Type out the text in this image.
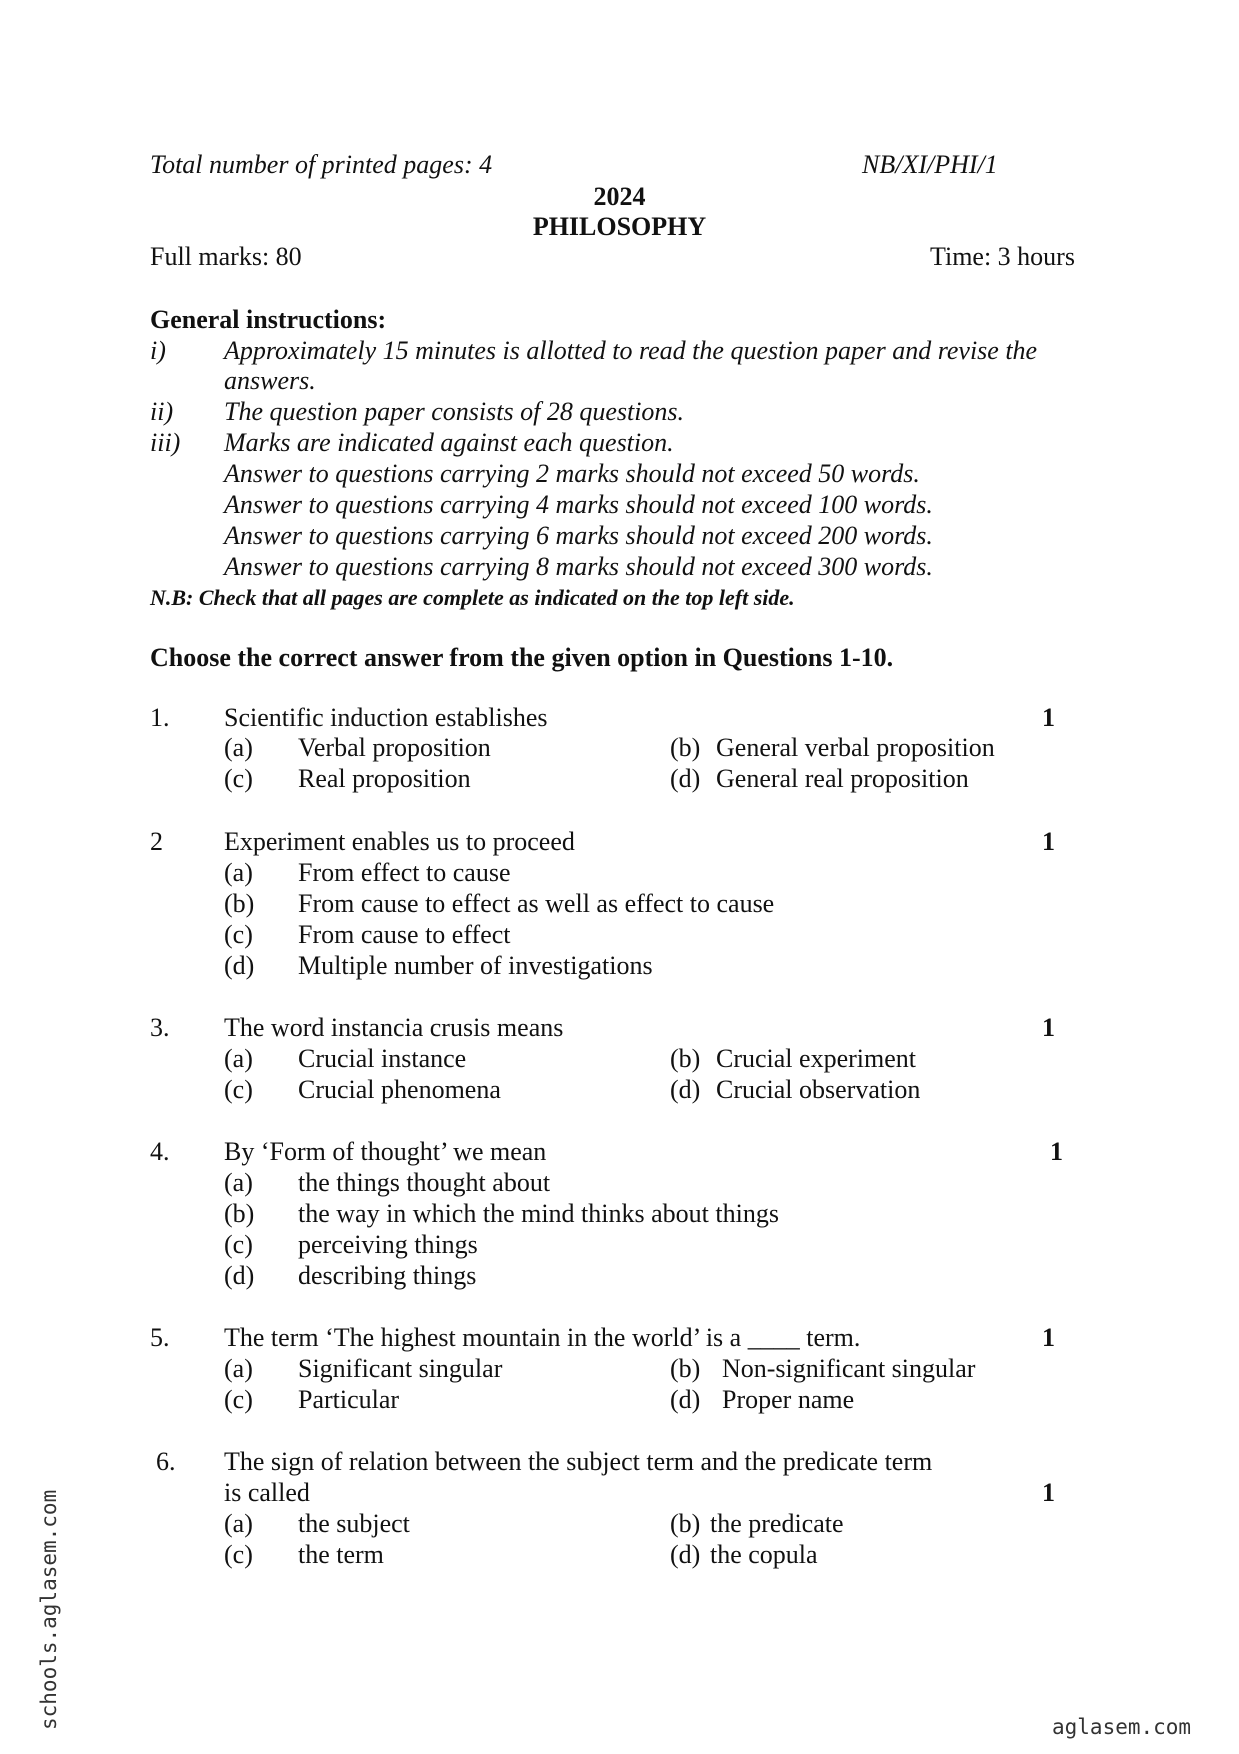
Total number of printed pages: 4	NB/XI/PHI/1
2024
PHILOSOPHY
Full marks: 80	Time: 3 hours
General instructions:
i) Approximately 15 minutes is allotted to read the question paper and revise the
answers.
ii) The question paper consists of 28 questions.
iii) Marks are indicated against each question.
Answer to questions carrying 2 marks should not exceed 50 words.
Answer to questions carrying 4 marks should not exceed 100 words.
Answer to questions carrying 6 marks should not exceed 200 words.
Answer to questions carrying 8 marks should not exceed 300 words.
N.B: Check that all pages are complete as indicated on the top left side.
Choose the correct answer from the given option in Questions 1-10.
1. Scientific induction establishes	1
(a) Verbal proposition	(b) General verbal proposition
(c) Real proposition	(d) General real proposition
2 Experiment enables us to proceed	1
(a) From effect to cause
(b) From cause to effect as well as effect to cause
(c) From cause to effect
(d) Multiple number of investigations
3. The word instancia crusis means	1
(a) Crucial instance	(b) Crucial experiment
(c) Crucial phenomena	(d) Crucial observation
4. By ‘Form of thought’ we mean	1
(a) the things thought about
(b) the way in which the mind thinks about things
(c) perceiving things
(d) describing things
5. The term ‘The highest mountain in the world’ is a ____ term.	1
(a) Significant singular	(b) Non-significant singular
(c) Particular	(d) Proper name
6. The sign of relation between the subject term and the predicate term
is called	1
(a) the subject	(b) the predicate
(c) the term	(d) the copula
schools.aglasem.com	aglasem.com
